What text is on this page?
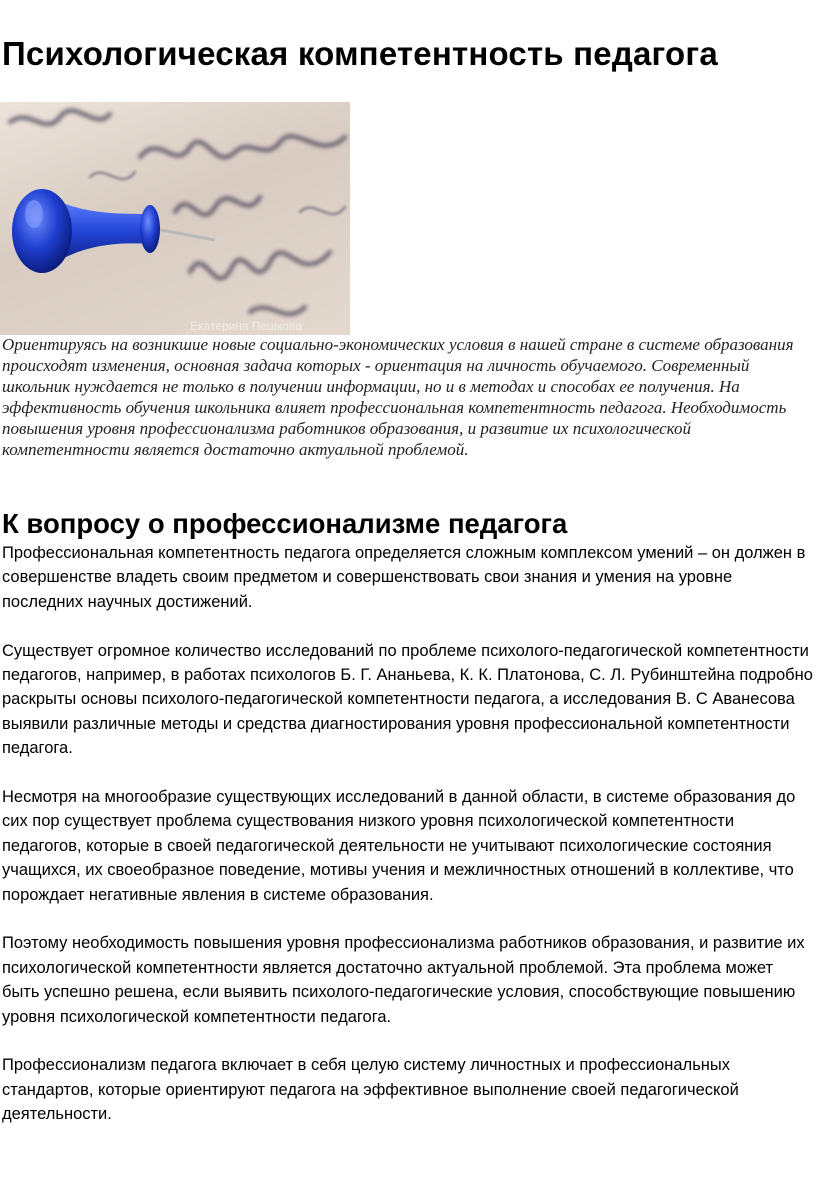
Психологическая компетентность педагога
Екатерина Пешкова

Ориентируясь на возникшие новые социально-экономических условия в нашей стране в системе образования происходят изменения, основная задача которых - ориентация на личность обучаемого. Современный школьник нуждается не только в получении информации, но и в методах и способах ее получения. На эффективность обучения школьника влияет профессиональная компетентность педагога. Необходимость повышения уровня профессионализма работников образования, и развитие их психологической компетентности является достаточно актуальной проблемой.

К вопросу о профессионализме педагога

Профессиональная компетентность педагога определяется сложным комплексом умений – он должен в совершенстве владеть своим предметом и совершенствовать свои знания и умения на уровне последних научных достижений.

Существует огромное количество исследований по проблеме психолого-педагогической компетентности педагогов, например, в работах психологов Б. Г. Ананьева, К. К. Платонова, С. Л. Рубинштейна подробно раскрыты основы психолого-педагогической компетентности педагога, а исследования В. С Аванесова выявили различные методы и средства диагностирования уровня профессиональной компетентности педагога.

Несмотря на многообразие существующих исследований в данной области, в системе образования до сих пор существует проблема существования низкого уровня психологической компетентности педагогов, которые в своей педагогической деятельности не учитывают психологические состояния учащихся, их своеобразное поведение, мотивы учения и межличностных отношений в коллективе, что порождает негативные явления в системе образования.

Поэтому необходимость повышения уровня профессионализма работников образования, и развитие их психологической компетентности является достаточно актуальной проблемой. Эта проблема может быть успешно решена, если выявить психолого-педагогические условия, способствующие повышению уровня психологической компетентности педагога.

Профессионализм педагога включает в себя целую систему личностных и профессиональных стандартов, которые ориентируют педагога на эффективное выполнение своей педагогической деятельности.
